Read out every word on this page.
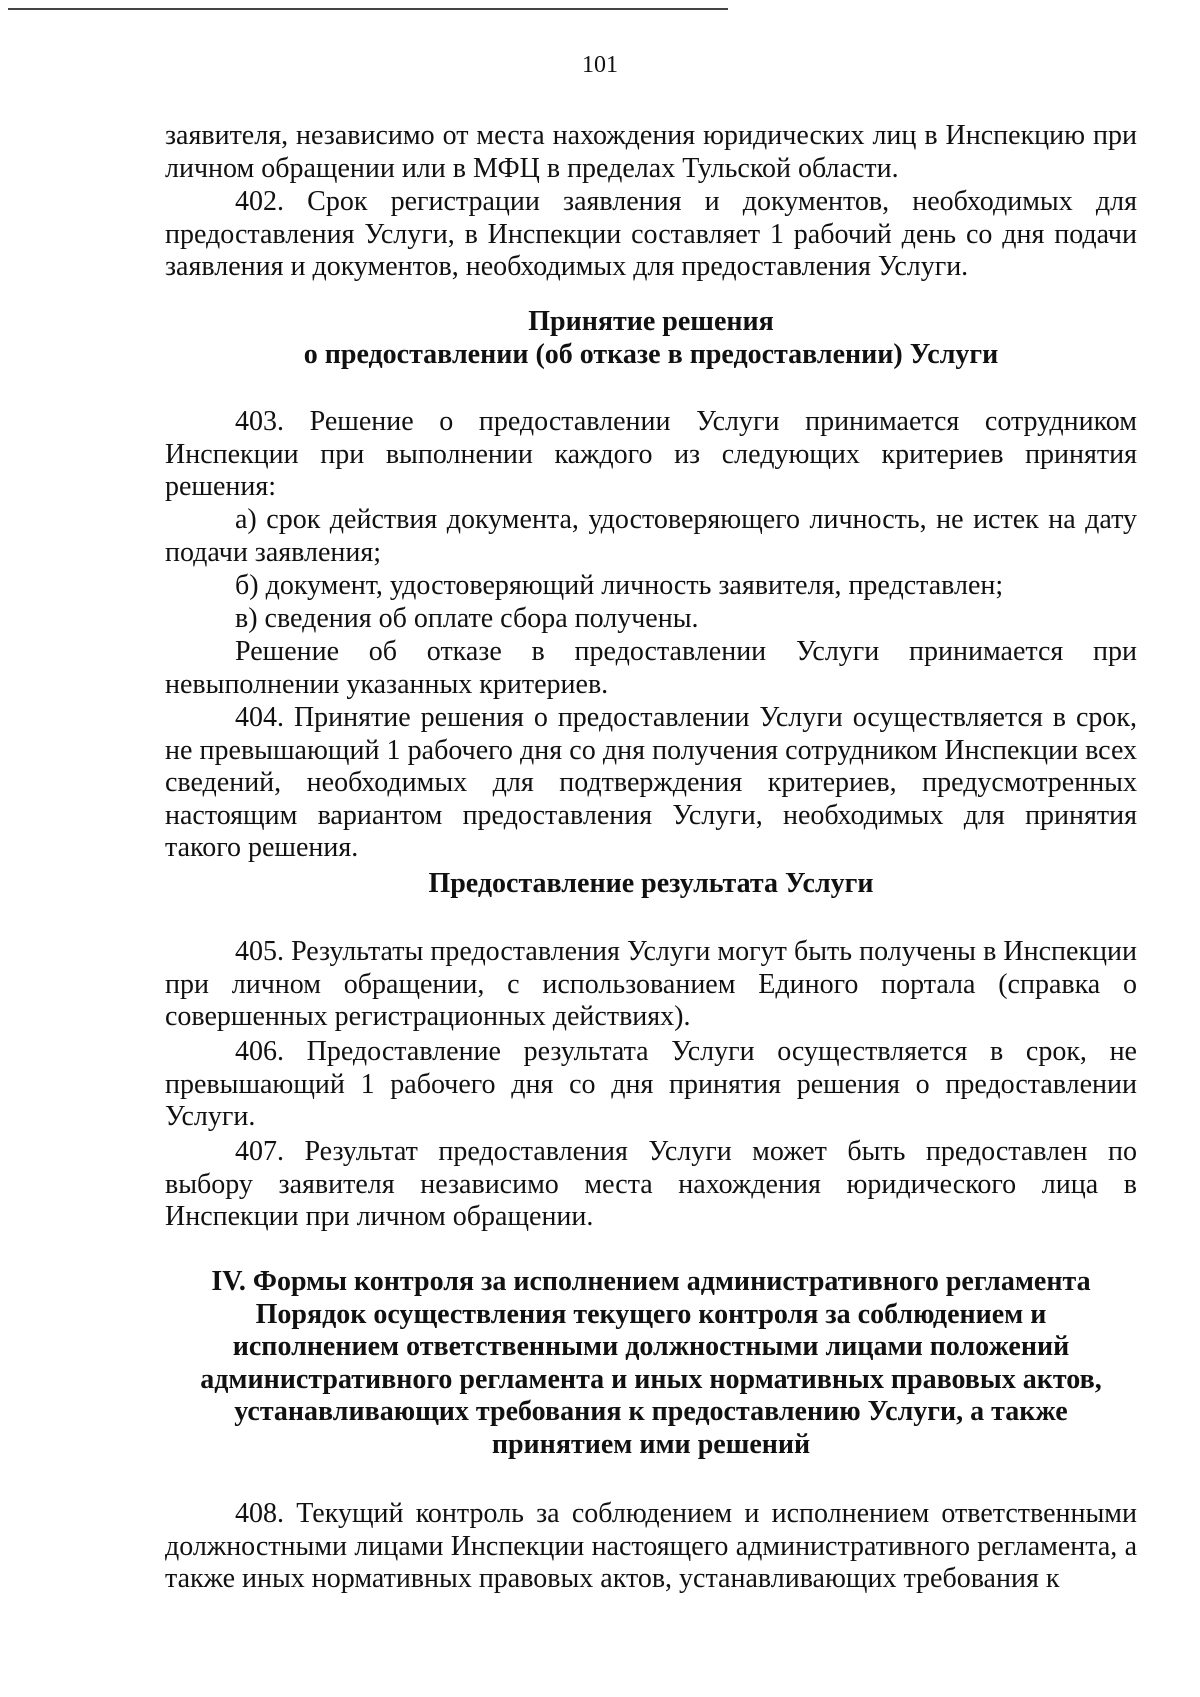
101

заявителя, независимо от места нахождения юридических лиц в Инспекцию при личном обращении или в МФЦ в пределах Тульской области.

402. Срок регистрации заявления и документов, необходимых для предоставления Услуги, в Инспекции составляет 1 рабочий день со дня подачи заявления и документов, необходимых для предоставления Услуги.

Принятие решения
о предоставлении (об отказе в предоставлении) Услуги

403. Решение о предоставлении Услуги принимается сотрудником Инспекции при выполнении каждого из следующих критериев принятия решения:

а) срок действия документа, удостоверяющего личность, не истек на дату подачи заявления;

б) документ, удостоверяющий личность заявителя, представлен;

в) сведения об оплате сбора получены.

Решение об отказе в предоставлении Услуги принимается при невыполнении указанных критериев.

404. Принятие решения о предоставлении Услуги осуществляется в срок, не превышающий 1 рабочего дня со дня получения сотрудником Инспекции всех сведений, необходимых для подтверждения критериев, предусмотренных настоящим вариантом предоставления Услуги, необходимых для принятия такого решения.

Предоставление результата Услуги

405. Результаты предоставления Услуги могут быть получены в Инспекции при личном обращении, с использованием Единого портала (справка о совершенных регистрационных действиях).

406. Предоставление результата Услуги осуществляется в срок, не превышающий 1 рабочего дня со дня принятия решения о предоставлении Услуги.

407. Результат предоставления Услуги может быть предоставлен по выбору заявителя независимо места нахождения юридического лица в Инспекции при личном обращении.

IV. Формы контроля за исполнением административного регламента
Порядок осуществления текущего контроля за соблюдением и
исполнением ответственными должностными лицами положений
административного регламента и иных нормативных правовых актов,
устанавливающих требования к предоставлению Услуги, а также
принятием ими решений

408. Текущий контроль за соблюдением и исполнением ответственными должностными лицами Инспекции настоящего административного регламента, а также иных нормативных правовых актов, устанавливающих требования к
